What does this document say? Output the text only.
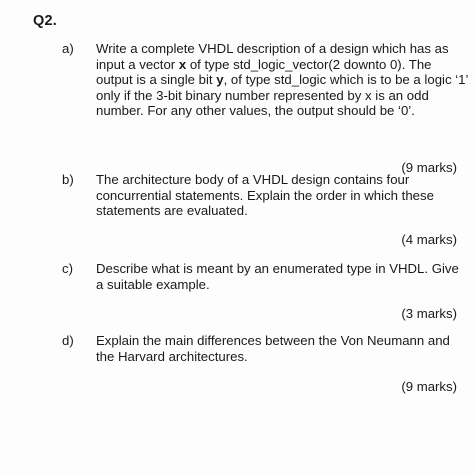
Q2.
a) Write a complete VHDL description of a design which has as
input a vector x of type std_logic_vector(2 downto 0). The
output is a single bit y, of type std_logic which is to be a logic ‘1’
only if the 3-bit binary number represented by x is an odd
number. For any other values, the output should be ‘0’.
(9 marks)
b) The architecture body of a VHDL design contains four
concurrential statements. Explain the order in which these
statements are evaluated.
(4 marks)
c) Describe what is meant by an enumerated type in VHDL. Give
a suitable example.
(3 marks)
d) Explain the main differences between the Von Neumann and
the Harvard architectures.
(9 marks)
